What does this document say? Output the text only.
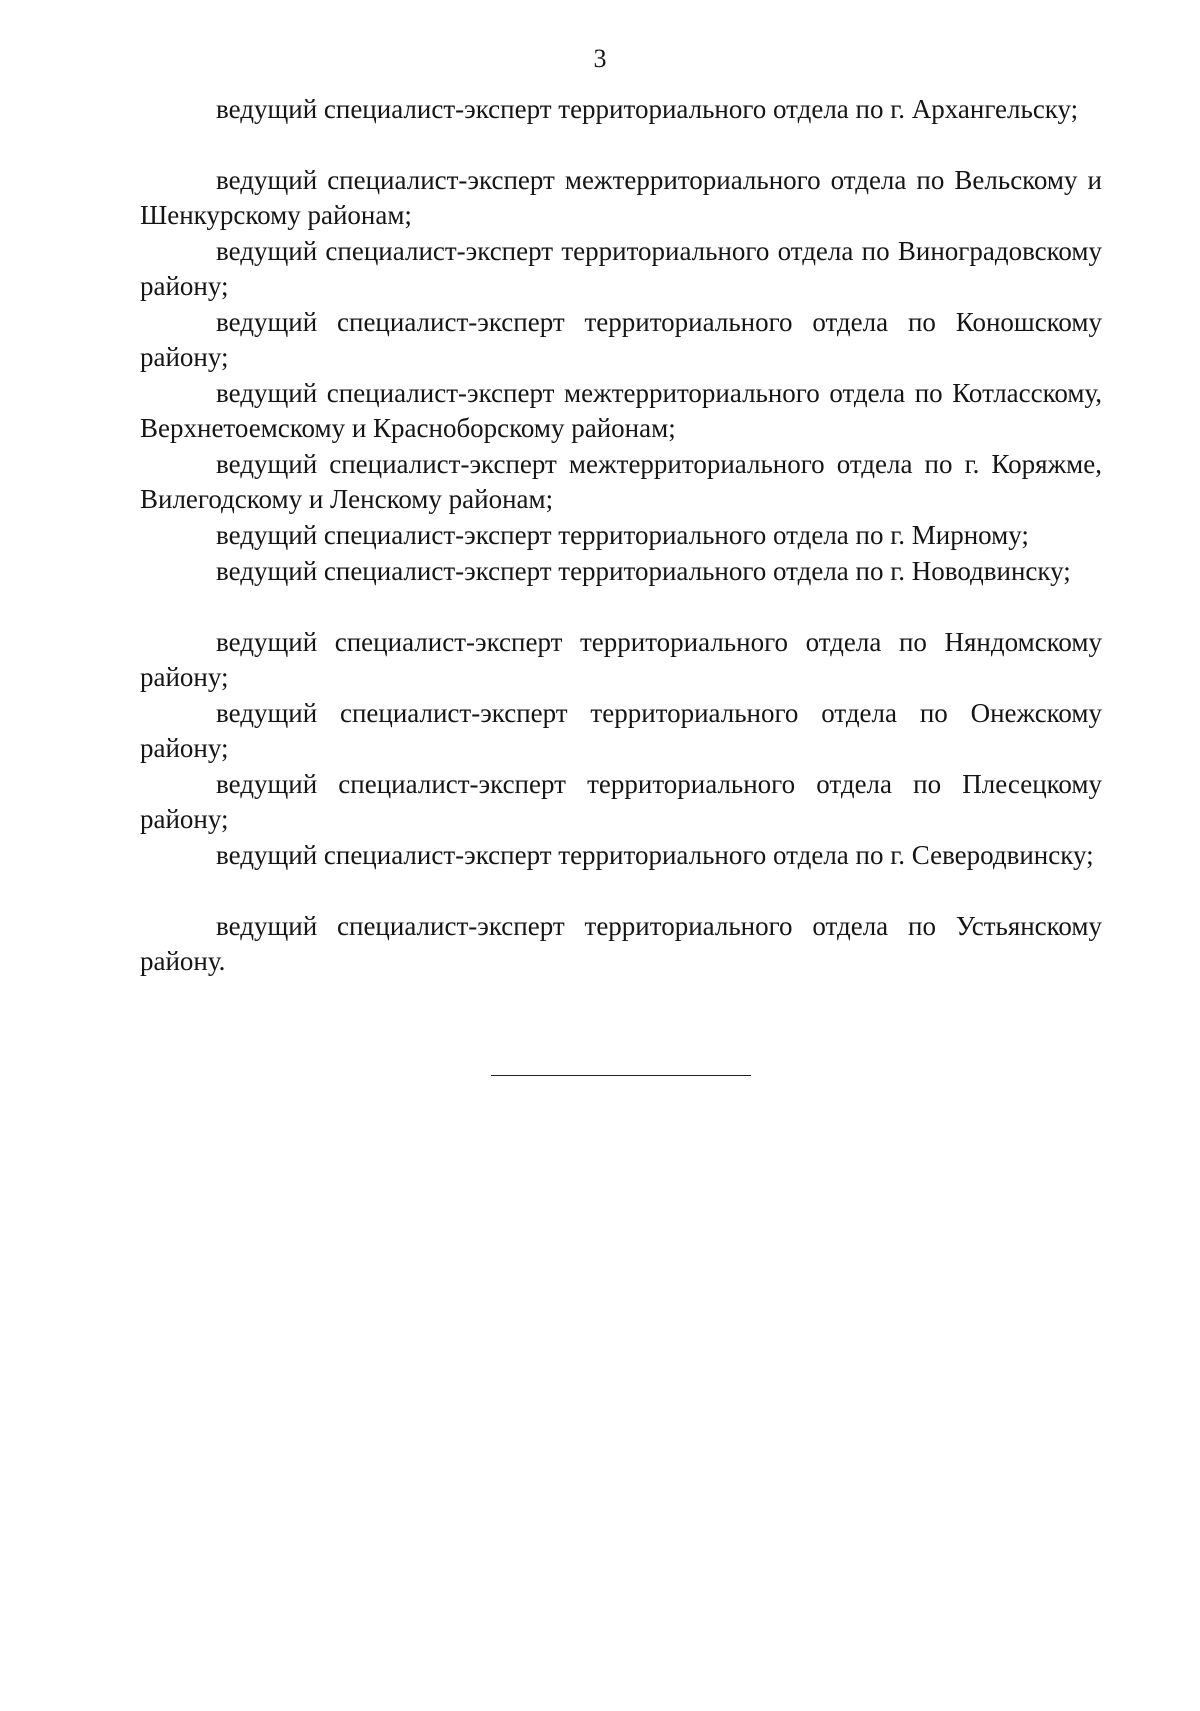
3

ведущий специалист-эксперт территориального отдела по г. Архангельску;

ведущий специалист-эксперт межтерриториального отдела по Вельскому и Шенкурскому районам;

ведущий специалист-эксперт территориального отдела по Виноградовскому району;

ведущий специалист-эксперт территориального отдела по Коношскому району;

ведущий специалист-эксперт межтерриториального отдела по Котласскому, Верхнетоемскому и Красноборскому районам;

ведущий специалист-эксперт межтерриториального отдела по г. Коряжме, Вилегодскому и Ленскому районам;

ведущий специалист-эксперт территориального отдела по г. Мирному;

ведущий специалист-эксперт территориального отдела по г. Новодвинску;

ведущий специалист-эксперт территориального отдела по Няндомскому району;

ведущий специалист-эксперт территориального отдела по Онежскому району;

ведущий специалист-эксперт территориального отдела по Плесецкому району;

ведущий специалист-эксперт территориального отдела по г. Северодвинску;

ведущий специалист-эксперт территориального отдела по Устьянскому району.
